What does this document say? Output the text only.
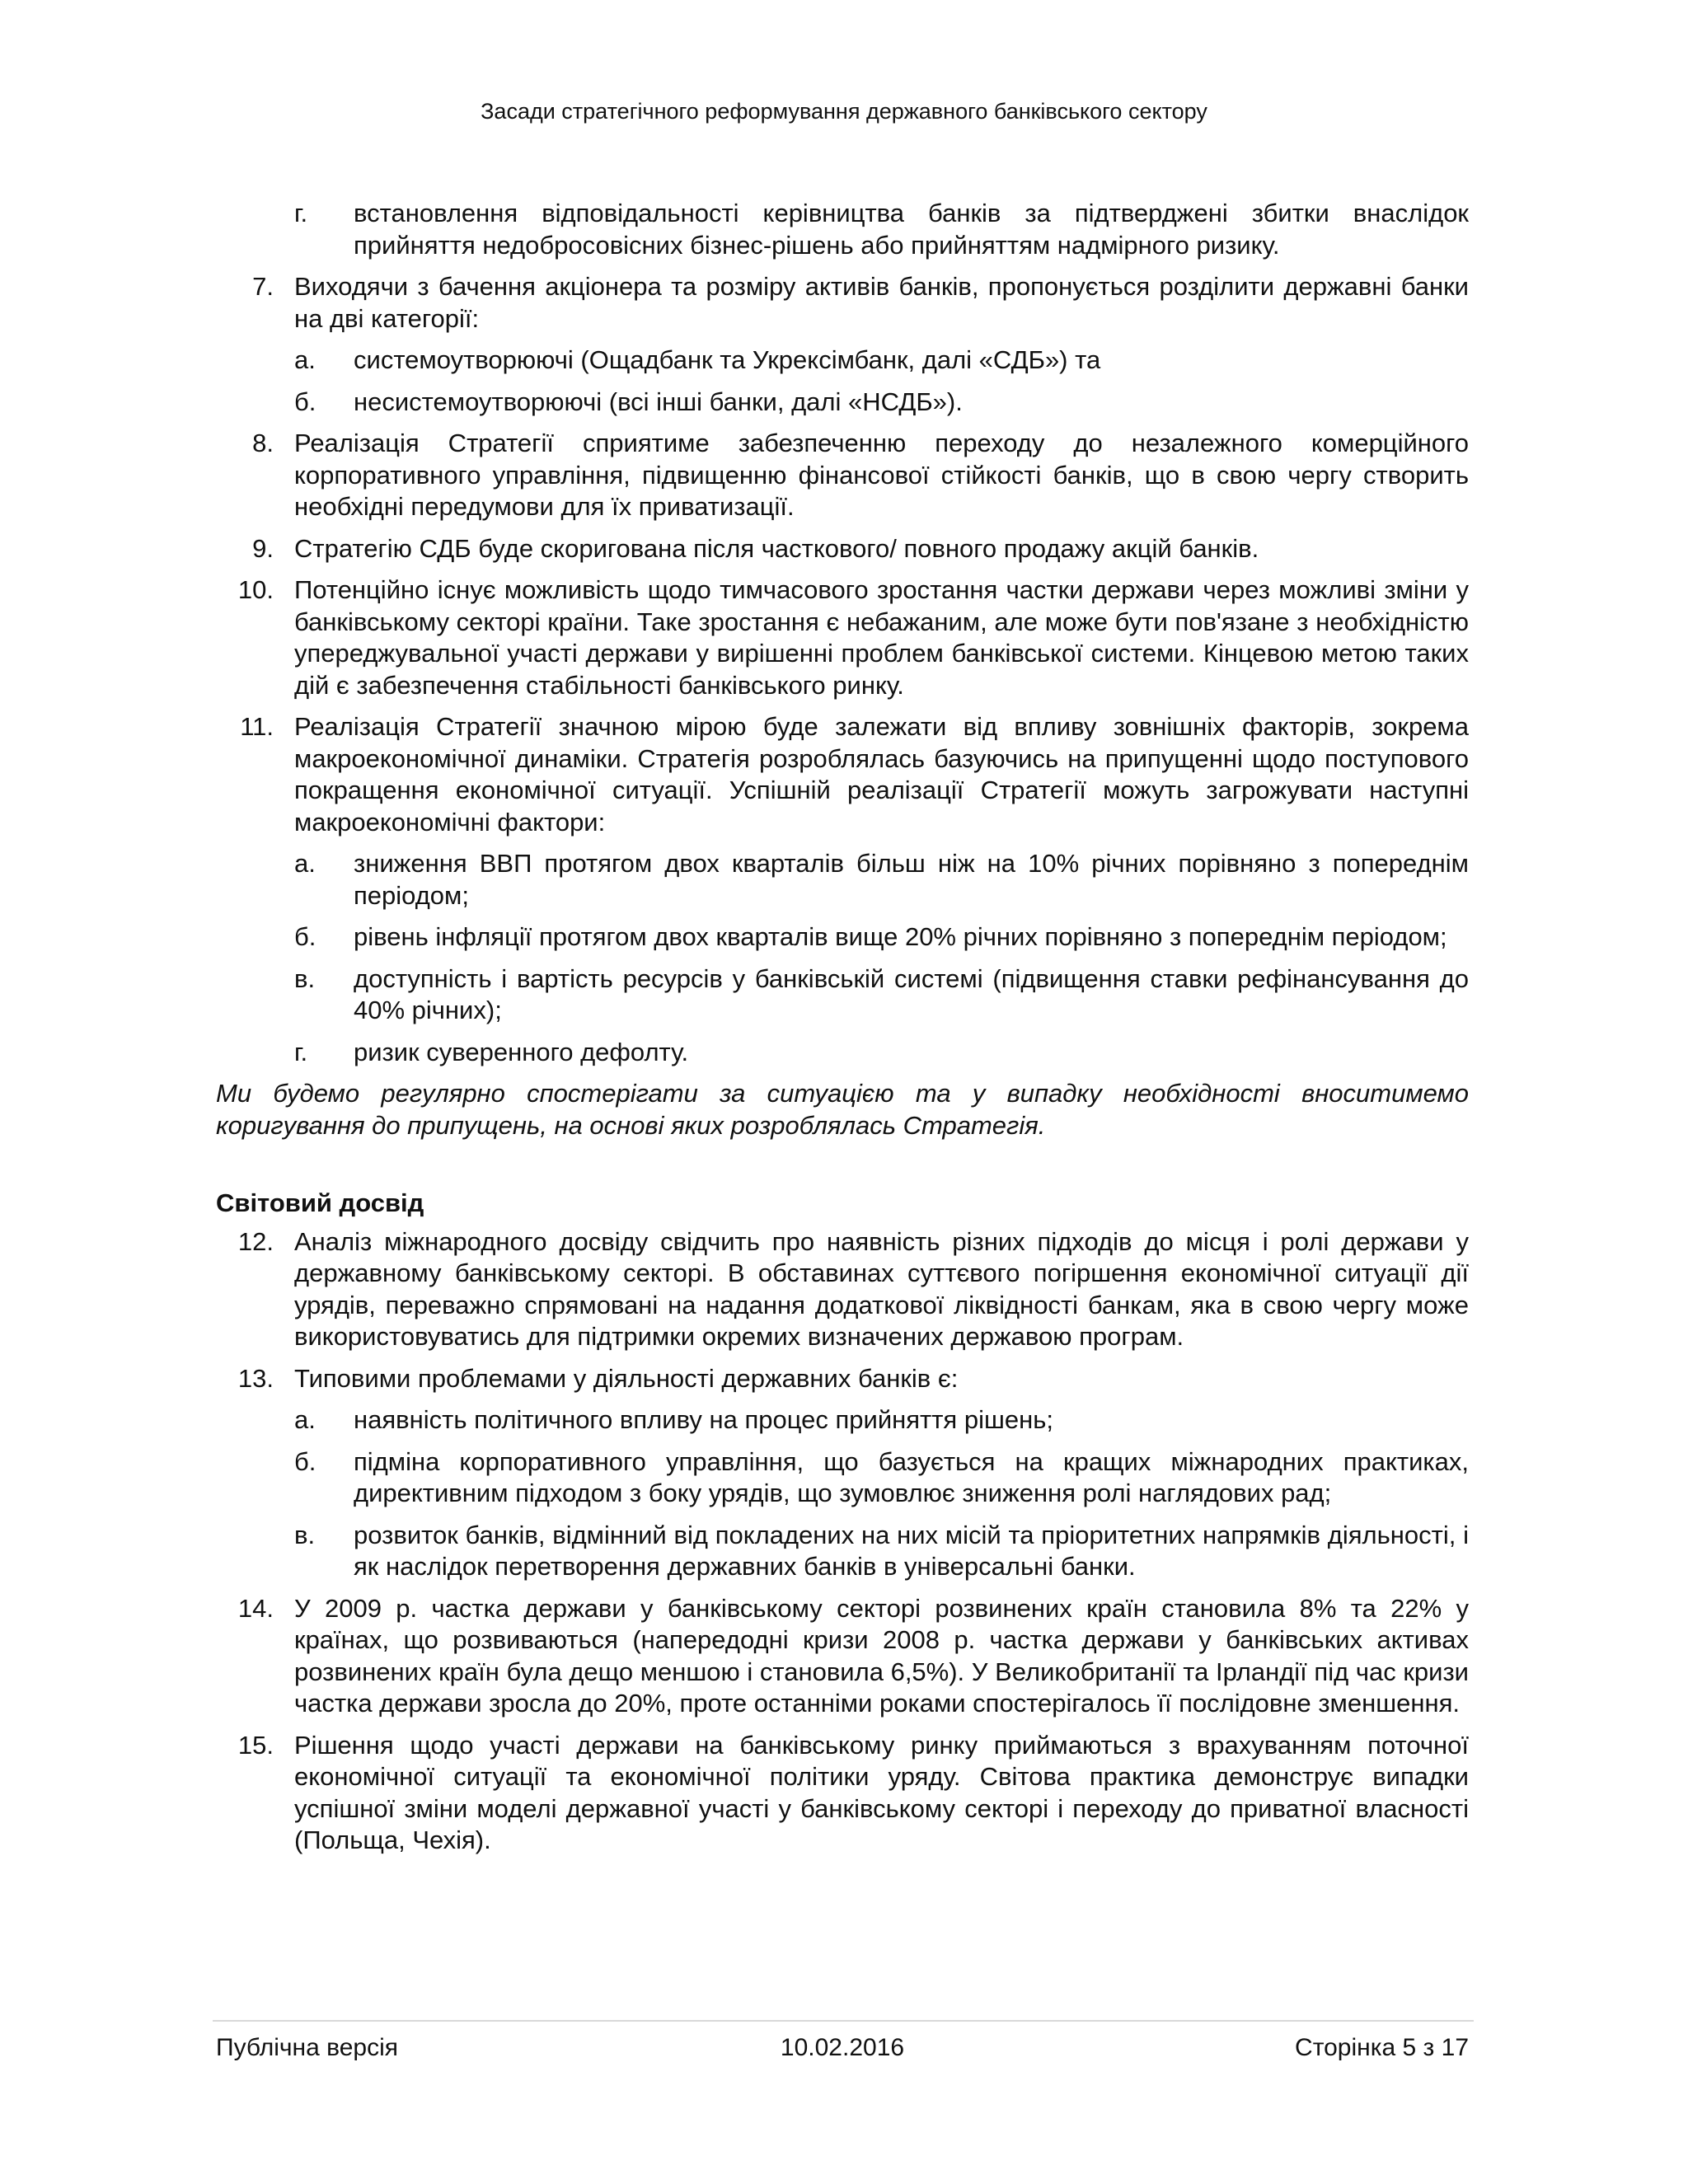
Засади стратегічного реформування державного банківського сектору
г.	встановлення відповідальності керівництва банків за підтверджені збитки внаслідок прийняття недобросовісних бізнес-рішень або прийняттям надмірного ризику.
7. Виходячи з бачення акціонера та розміру активів банків, пропонується розділити державні банки на дві категорії:
а.	системоутворюючі (Ощадбанк та Укрексімбанк, далі «СДБ») та
б.	несистемоутворюючі (всі інші банки, далі «НСДБ»).
8. Реалізація Стратегії сприятиме забезпеченню переходу до незалежного комерційного корпоративного управління, підвищенню фінансової стійкості банків, що в свою чергу створить необхідні передумови для їх приватизації.
9. Стратегію СДБ буде скоригована після часткового/ повного продажу акцій банків.
10. Потенційно існує можливість щодо тимчасового зростання частки держави через можливі зміни у банківському секторі країни. Таке зростання є небажаним, але може бути пов'язане з необхідністю упереджувальної участі держави у вирішенні проблем банківської системи. Кінцевою метою таких дій є забезпечення стабільності банківського ринку.
11. Реалізація Стратегії значною мірою буде залежати від впливу зовнішніх факторів, зокрема макроекономічної динаміки. Стратегія розроблялась базуючись на припущенні щодо поступового покращення економічної ситуації. Успішній реалізації Стратегії можуть загрожувати наступні макроекономічні фактори:
а.	зниження ВВП протягом двох кварталів більш ніж на 10% річних порівняно з попереднім періодом;
б.	рівень інфляції протягом двох кварталів вище 20% річних порівняно з попереднім періодом;
в.	доступність і вартість ресурсів у банківській системі (підвищення ставки рефінансування до 40% річних);
г.	ризик суверенного дефолту.
Ми будемо регулярно спостерігати за ситуацією та у випадку необхідності вноситимемо коригування до припущень, на основі яких розроблялась Стратегія.
Світовий досвід
12. Аналіз міжнародного досвіду свідчить про наявність різних підходів до місця і ролі держави у державному банківському секторі. В обставинах суттєвого погіршення економічної ситуації дії урядів, переважно спрямовані на надання додаткової ліквідності банкам, яка в свою чергу може використовуватись для підтримки окремих визначених державою програм.
13. Типовими проблемами у діяльності державних банків є:
а.	наявність політичного впливу на процес прийняття рішень;
б.	підміна корпоративного управління, що базується на кращих міжнародних практиках, директивним підходом з боку урядів, що зумовлює зниження ролі наглядових рад;
в.	розвиток банків, відмінний від покладених на них місій та пріоритетних напрямків діяльності, і як наслідок перетворення державних банків в універсальні банки.
14. У 2009 р. частка держави у банківському секторі розвинених країн становила 8% та 22% у країнах, що розвиваються (напередодні кризи 2008 р. частка держави у банківських активах розвинених країн була дещо меншою і становила 6,5%). У Великобританії та Ірландії під час кризи частка держави зросла до 20%, проте останніми роками спостерігалось її послідовне зменшення.
15. Рішення щодо участі держави на банківському ринку приймаються з врахуванням поточної економічної ситуації та економічної політики уряду. Світова практика демонструє випадки успішної зміни моделі державної участі у банківському секторі і переходу до приватної власності (Польща, Чехія).
Публічна версія	10.02.2016	Сторінка 5 з 17
